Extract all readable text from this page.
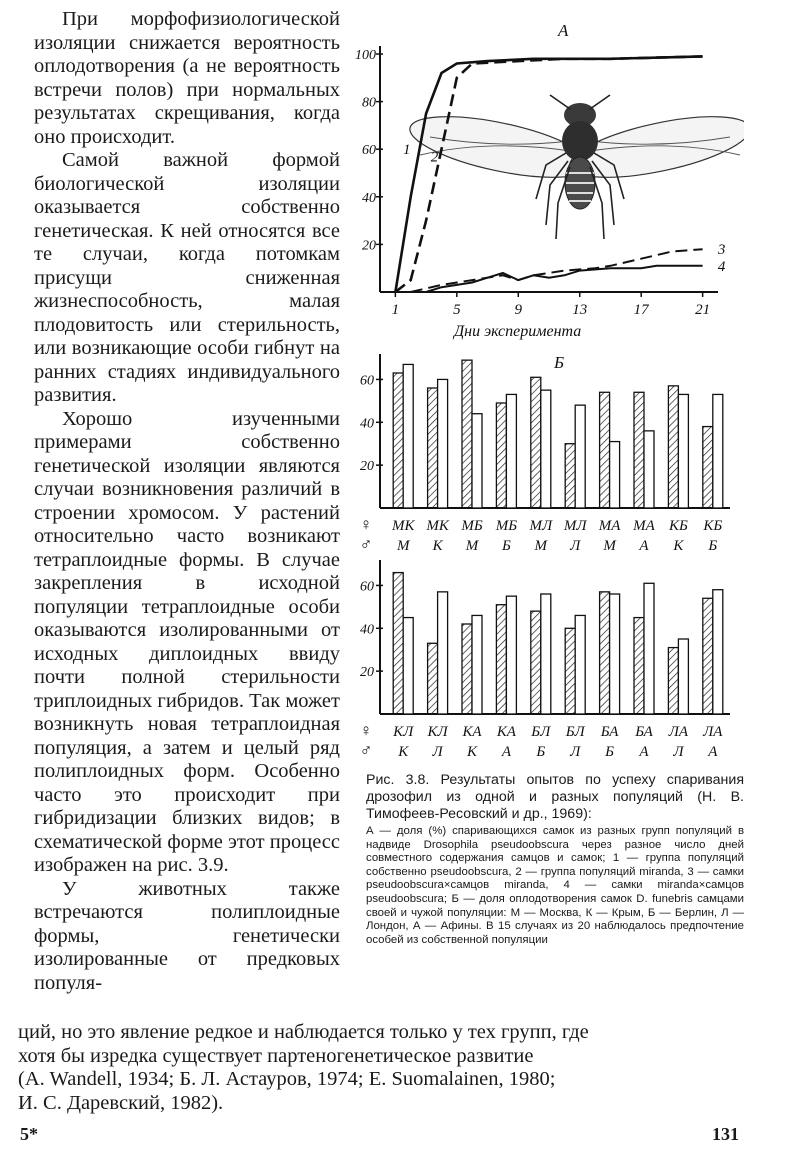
При морфофизиологической изоляции снижается вероятность оплодотворения (а не вероятность встречи полов) при нормальных результатах скрещивания, когда оно происходит.

Самой важной формой биологической изоляции оказывается собственно генетическая. К ней относятся все те случаи, когда потомкам присущи сниженная жизнеспособность, малая плодовитость или стерильность, или возникающие особи гибнут на ранних стадиях индивидуального развития.

Хорошо изученными примерами собственно генетической изоляции являются случаи возникновения различий в строении хромосом. У растений относительно часто возникают тетраплоидные формы. В случае закрепления в исходной популяции тетраплоидные особи оказываются изолированными от исходных диплоидных ввиду почти полной стерильности триплоидных гибридов. Так может возникнуть новая тетраплоидная популяция, а затем и целый ряд полиплоидных форм. Особенно часто это происходит при гибридизации близких видов; в схематической форме этот процесс изображен на рис. 3.9.

У животных также встречаются полиплоидные формы, генетически изолированные от предковых популя-

А
20
40
60
80
100
1	5	9	13	17	21
1 2
3
4
Дни эксперимента
Б
20
40
60
МК
М
МК
К
МБ
М
МБ
Б
МЛ
М
МЛ
Л
МА
М
МА
А
КБ
К
КБ
Б
♀
♂
20
40
60
КЛ
К
КЛ
Л
КА
К
КА
А
БЛ
Б
БЛ
Л
БА
Б
БА
А
ЛА
Л
ЛА
А
♀
♂

Рис. 3.8. Результаты опытов по успеху спаривания дрозофил из одной и разных популяций (Н. В. Тимофеев-Ресовский и др., 1969):

А — доля (%) спаривающихся самок из разных групп популяций в надвиде Drosophila pseudoobscura через разное число дней совместного содержания самцов и самок; 1 — группа популяций собственно pseudoobscura, 2 — группа популяций miranda, 3 — самки pseudoobscura×самцов miranda, 4 — самки miranda×самцов pseudoobscura; Б — доля оплодотворения самок D. funebris самцами своей и чужой популяции: М — Москва, К — Крым, Б — Берлин, Л — Лондон, А — Афины. В 15 случаях из 20 наблюдалось предпочтение особей из собственной популяции

ций, но это явление редкое и наблюдается только у тех групп, где
хотя бы изредка существует партеногенетическое развитие
(A. Wandell, 1934; Б. Л. Астауров, 1974; E. Suomalainen, 1980;
И. С. Даревский, 1982).
5*	131
